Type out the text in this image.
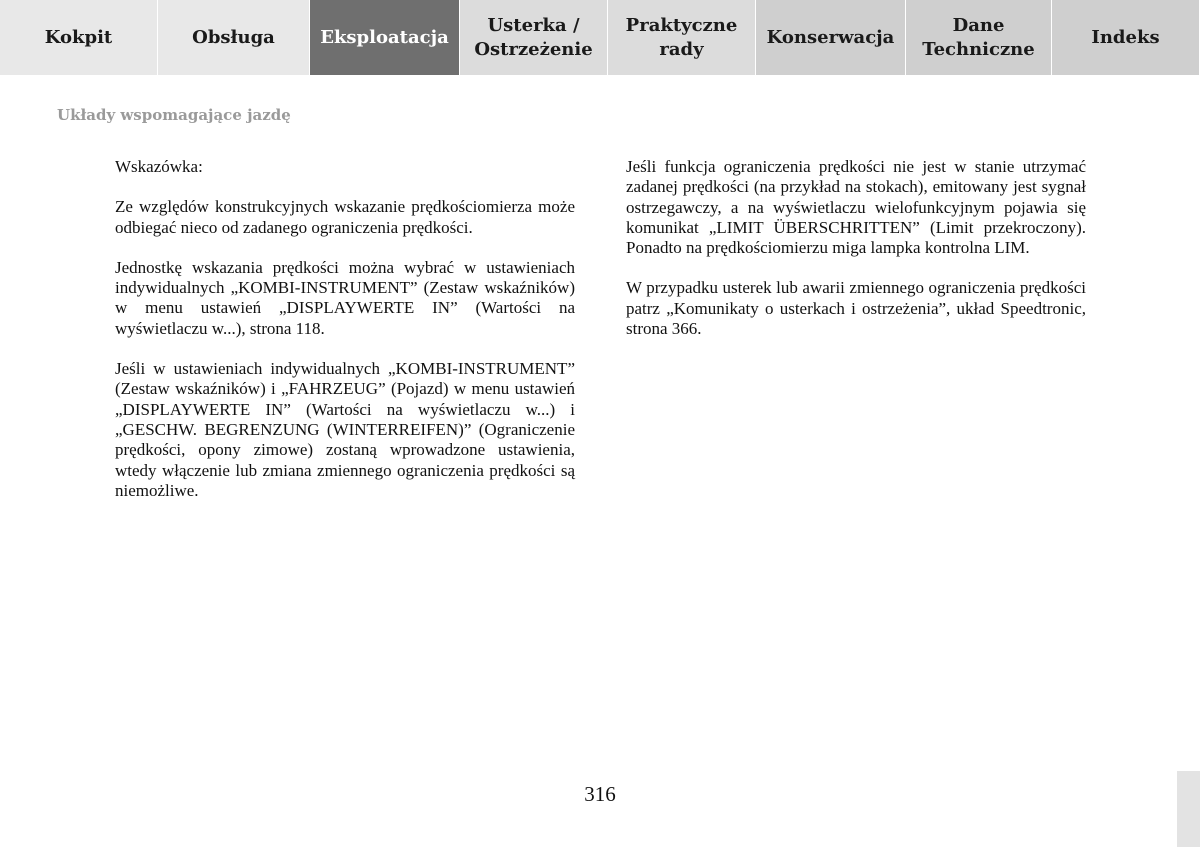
Kokpit	Obsługa	Eksploatacja
Usterka /
Ostrzeżenie
Praktyczne
rady
Konserwacja
Dane
Techniczne
Indeks
Układy wspomagające jazdę

Wskazówka:

Ze względów konstrukcyjnych wskazanie prędkościomierza może odbiegać nieco od zadanego ograniczenia prędkości.

Jednostkę wskazania prędkości można wybrać w ustawieniach indywidualnych „KOMBI-INSTRUMENT” (Zestaw wskaźników) w menu ustawień „DISPLAYWERTE IN” (Wartości na wyświetlaczu w...), strona 118.

Jeśli w ustawieniach indywidualnych „KOMBI-INSTRUMENT” (Zestaw wskaźników) i „FAHRZEUG” (Pojazd) w menu ustawień „DISPLAYWERTE IN” (Wartości na wyświetlaczu w...) i „GESCHW. BEGRENZUNG (WINTERREIFEN)” (Ograniczenie prędkości, opony zimowe) zostaną wprowadzone ustawienia, wtedy włączenie lub zmiana zmiennego ograniczenia prędkości są niemożliwe.

Jeśli funkcja ograniczenia prędkości nie jest w stanie utrzymać zadanej prędkości (na przykład na stokach), emitowany jest sygnał ostrzegawczy, a na wyświetlaczu wielofunkcyjnym pojawia się komunikat „LIMIT ÜBERSCHRITTEN” (Limit przekroczony). Ponadto na prędkościomierzu miga lampka kontrolna LIM.

W przypadku usterek lub awarii zmiennego ograniczenia prędkości patrz „Komunikaty o usterkach i ostrzeżenia”, układ Speedtronic, strona 366.

316
